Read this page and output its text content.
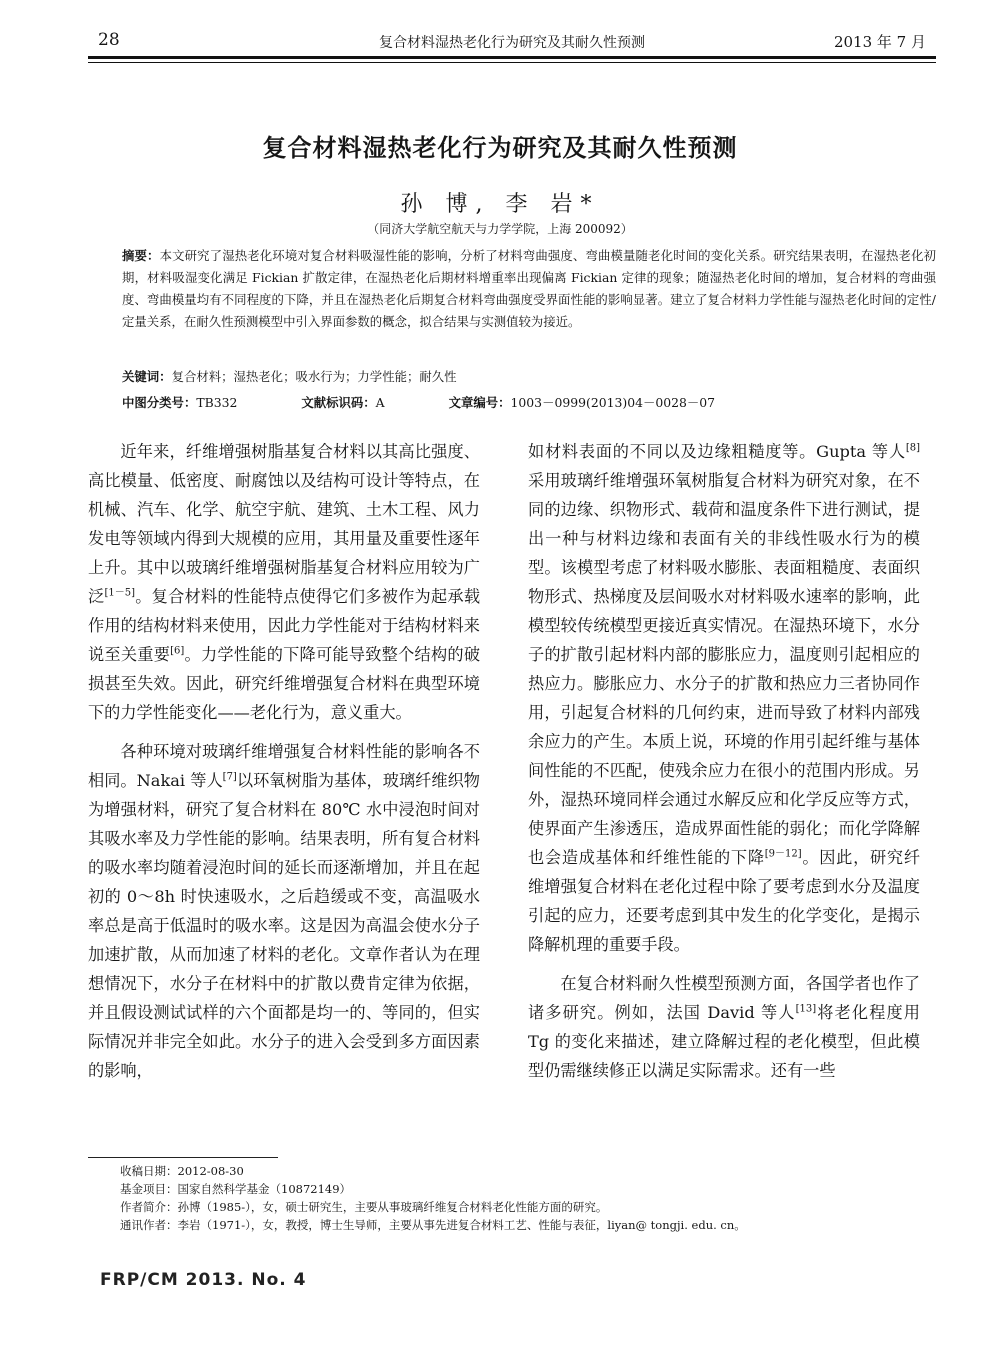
28	复合材料湿热老化行为研究及其耐久性预测	2013 年 7 月
复合材料湿热老化行为研究及其耐久性预测
孙 博, 李 岩*
（同济大学航空航天与力学学院，上海 200092）
摘要：本文研究了湿热老化环境对复合材料吸湿性能的影响，分析了材料弯曲强度、弯曲模量随老化时间的变化关系。研究结果表明，在湿热老化初期，材料吸湿变化满足 Fickian 扩散定律，在湿热老化后期材料增重率出现偏离 Fickian 定律的现象；随湿热老化时间的增加，复合材料的弯曲强度、弯曲模量均有不同程度的下降，并且在湿热老化后期复合材料弯曲强度受界面性能的影响显著。建立了复合材料力学性能与湿热老化时间的定性/定量关系，在耐久性预测模型中引入界面参数的概念，拟合结果与实测值较为接近。
关键词：复合材料；湿热老化；吸水行为；力学性能；耐久性
中图分类号：TB332	文献标识码：A	文章编号：1003－0999(2013)04－0028－07

近年来，纤维增强树脂基复合材料以其高比强度、高比模量、低密度、耐腐蚀以及结构可设计等特点，在机械、汽车、化学、航空宇航、建筑、土木工程、风力发电等领域内得到大规模的应用，其用量及重要性逐年上升。其中以玻璃纤维增强树脂基复合材料应用较为广泛[1－5]。复合材料的性能特点使得它们多被作为起承载作用的结构材料来使用，因此力学性能对于结构材料来说至关重要[6]。力学性能的下降可能导致整个结构的破损甚至失效。因此，研究纤维增强复合材料在典型环境下的力学性能变化——老化行为，意义重大。

各种环境对玻璃纤维增强复合材料性能的影响各不相同。Nakai 等人[7]以环氧树脂为基体，玻璃纤维织物为增强材料，研究了复合材料在 80℃ 水中浸泡时间对其吸水率及力学性能的影响。结果表明，所有复合材料的吸水率均随着浸泡时间的延长而逐渐增加，并且在起初的 0～8h 时快速吸水，之后趋缓或不变，高温吸水率总是高于低温时的吸水率。这是因为高温会使水分子加速扩散，从而加速了材料的老化。文章作者认为在理想情况下，水分子在材料中的扩散以费肯定律为依据，并且假设测试试样的六个面都是均一的、等同的，但实际情况并非完全如此。水分子的进入会受到多方面因素的影响，

如材料表面的不同以及边缘粗糙度等。Gupta 等人[8]采用玻璃纤维增强环氧树脂复合材料为研究对象，在不同的边缘、织物形式、载荷和温度条件下进行测试，提出一种与材料边缘和表面有关的非线性吸水行为的模型。该模型考虑了材料吸水膨胀、表面粗糙度、表面织物形式、热梯度及层间吸水对材料吸水速率的影响，此模型较传统模型更接近真实情况。在湿热环境下，水分子的扩散引起材料内部的膨胀应力，温度则引起相应的热应力。膨胀应力、水分子的扩散和热应力三者协同作用，引起复合材料的几何约束，进而导致了材料内部残余应力的产生。本质上说，环境的作用引起纤维与基体间性能的不匹配，使残余应力在很小的范围内形成。另外，湿热环境同样会通过水解反应和化学反应等方式，使界面产生渗透压，造成界面性能的弱化；而化学降解也会造成基体和纤维性能的下降[9－12]。因此，研究纤维增强复合材料在老化过程中除了要考虑到水分及温度引起的应力，还要考虑到其中发生的化学变化，是揭示降解机理的重要手段。

在复合材料耐久性模型预测方面，各国学者也作了诸多研究。例如，法国 David 等人[13]将老化程度用 Tg 的变化来描述，建立降解过程的老化模型，但此模型仍需继续修正以满足实际需求。还有一些

收稿日期：2012-08-30
基金项目：国家自然科学基金（10872149）
作者简介：孙博（1985-），女，硕士研究生，主要从事玻璃纤维复合材料老化性能方面的研究。
通讯作者：李岩（1971-），女，教授，博士生导师，主要从事先进复合材料工艺、性能与表征，liyan@ tongji. edu. cn。
FRP/CM 2013. No. 4
